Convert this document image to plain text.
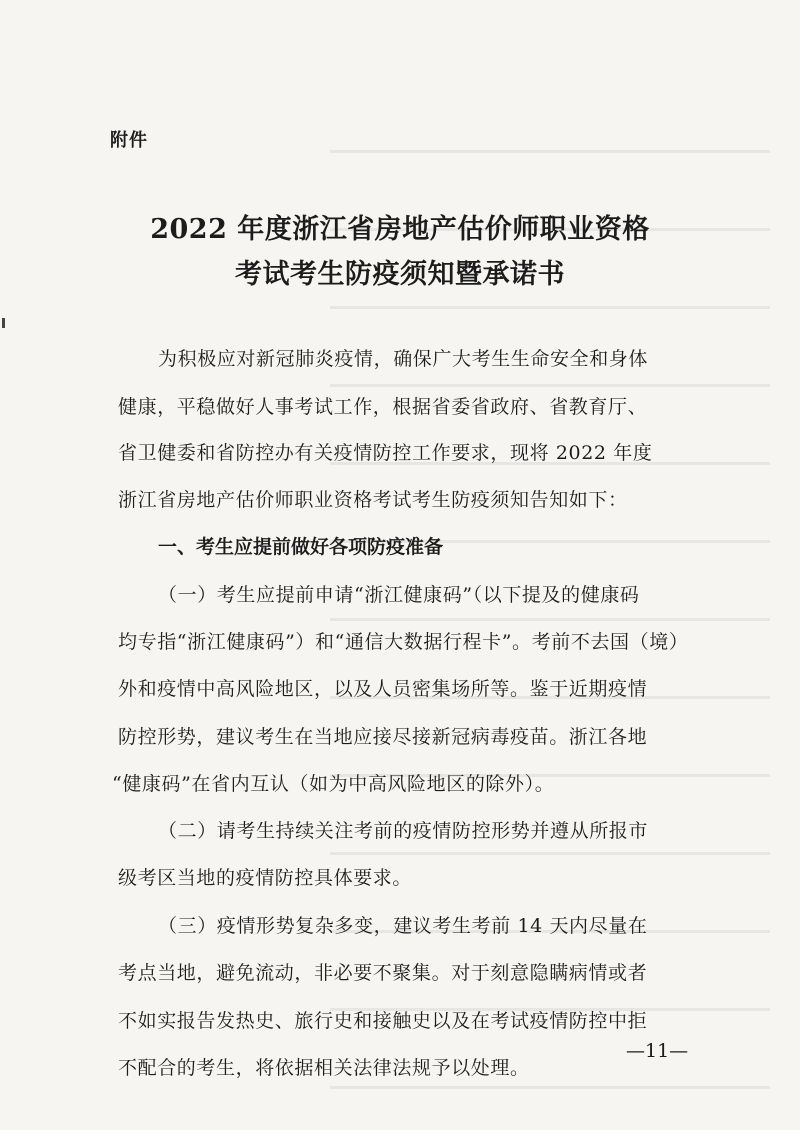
附件
2022 年度浙江省房地产估价师职业资格
考试考生防疫须知暨承诺书
为积极应对新冠肺炎疫情，确保广大考生生命安全和身体
健康，平稳做好人事考试工作，根据省委省政府、省教育厅、
省卫健委和省防控办有关疫情防控工作要求，现将 2022 年度
浙江省房地产估价师职业资格考试考生防疫须知告知如下：
一、考生应提前做好各项防疫准备
（一）考生应提前申请“浙江健康码”（以下提及的健康码
均专指“浙江健康码”）和“通信大数据行程卡”。考前不去国（境）
外和疫情中高风险地区，以及人员密集场所等。鉴于近期疫情
防控形势，建议考生在当地应接尽接新冠病毒疫苗。浙江各地
“健康码”在省内互认（如为中高风险地区的除外）。
（二）请考生持续关注考前的疫情防控形势并遵从所报市
级考区当地的疫情防控具体要求。
（三）疫情形势复杂多变，建议考生考前 14 天内尽量在
考点当地，避免流动，非必要不聚集。对于刻意隐瞒病情或者
不如实报告发热史、旅行史和接触史以及在考试疫情防控中拒
不配合的考生，将依据相关法律法规予以处理。
—11—
